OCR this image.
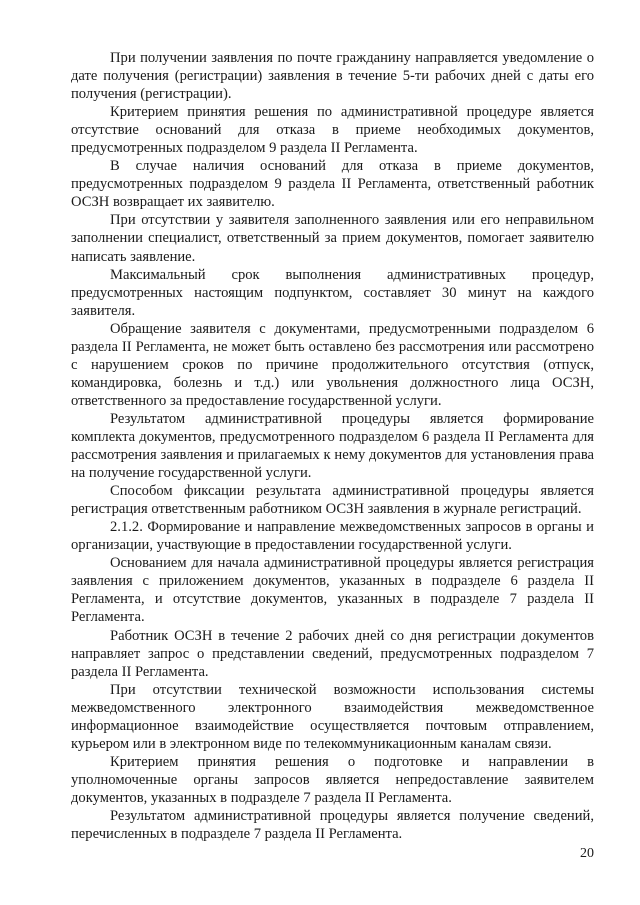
При получении заявления по почте гражданину направляется уведомление о дате получения (регистрации) заявления в течение 5-ти рабочих дней с даты его получения (регистрации).

Критерием принятия решения по административной процедуре является отсутствие оснований для отказа в приеме необходимых документов, предусмотренных подразделом 9 раздела II Регламента.

В случае наличия оснований для отказа в приеме документов, предусмотренных подразделом 9 раздела II Регламента, ответственный работник ОСЗН возвращает их заявителю.

При отсутствии у заявителя заполненного заявления или его неправильном заполнении специалист, ответственный за прием документов, помогает заявителю написать заявление.

Максимальный срок выполнения административных процедур, предусмотренных настоящим подпунктом, составляет 30 минут на каждого заявителя.

Обращение заявителя с документами, предусмотренными подразделом 6 раздела II Регламента, не может быть оставлено без рассмотрения или рассмотрено с нарушением сроков по причине продолжительного отсутствия (отпуск, командировка, болезнь и т.д.) или увольнения должностного лица ОСЗН, ответственного за предоставление государственной услуги.

Результатом административной процедуры является формирование комплекта документов, предусмотренного подразделом 6 раздела II Регламента для рассмотрения заявления и прилагаемых к нему документов для установления права на получение государственной услуги.

Способом фиксации результата административной процедуры является регистрация ответственным работником ОСЗН заявления в журнале регистраций.

2.1.2. Формирование и направление межведомственных запросов в органы и организации, участвующие в предоставлении государственной услуги.

Основанием для начала административной процедуры является регистрация заявления с приложением документов, указанных в подразделе 6 раздела II Регламента, и отсутствие документов, указанных в подразделе 7 раздела II Регламента.

Работник ОСЗН в течение 2 рабочих дней со дня регистрации документов направляет запрос о представлении сведений, предусмотренных подразделом 7 раздела II Регламента.

При отсутствии технической возможности использования системы межведомственного электронного взаимодействия межведомственное информационное взаимодействие осуществляется почтовым отправлением, курьером или в электронном виде по телекоммуникационным каналам связи.

Критерием принятия решения о подготовке и направлении в уполномоченные органы запросов является непредоставление заявителем документов, указанных в подразделе 7 раздела II Регламента.

Результатом административной процедуры является получение сведений, перечисленных в подразделе 7 раздела II Регламента.

20
